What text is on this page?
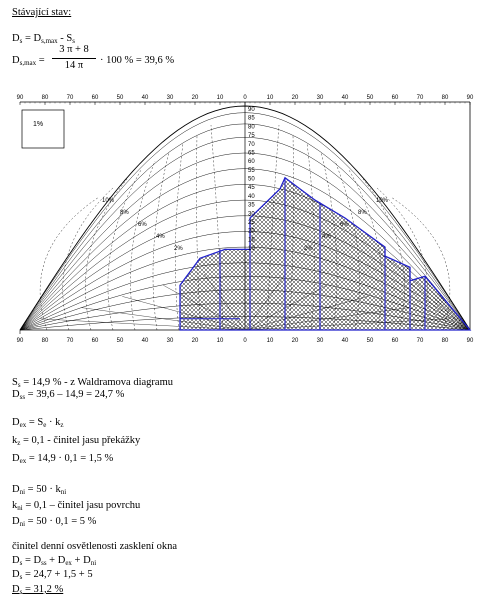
Stávající stav:
$D_s = D_{s,max} - S_s$
$D_{s,max}$ =
3 π + 8
14 π	· 100 % = 39,6 %
90	80	70	60	50	40	30	20	10	0	10	20	30	40	50	60	70	80	90
1%
90	80	70	60	50	40	30	20	10	0	10	20	30	40	50	60	70	80	90
10
15
20
25
30
35
40
45
50
55
60
65
70
75
80
85
90
2%
4%
6%
8%
10%
2%
4%
6%
8%
10%
$S_s = 14,9$ % - z Waldramova diagramu
$D_{ss} = 39,6 - 14,9 = 24,7$ %
$D_{ex} = S_e \cdot k_z$
$k_z = 0,1$ - činitel jasu překážky
$D_{ex} = 14,9 \cdot 0,1 = 1,5$ %
$D_{ni} = 50 \cdot k_{ni}$
$k_{ni} = 0,1$ – činitel jasu povrchu
$D_{ni} = 50 \cdot 0,1 = 5$ %
činitel denní osvětlenosti zasklení okna
$D_s = D_{ss} + D_{ex} + D_{ni}$
$D_s = 24,7 + 1,5 + 5$
$D_s = 31,2$ %
